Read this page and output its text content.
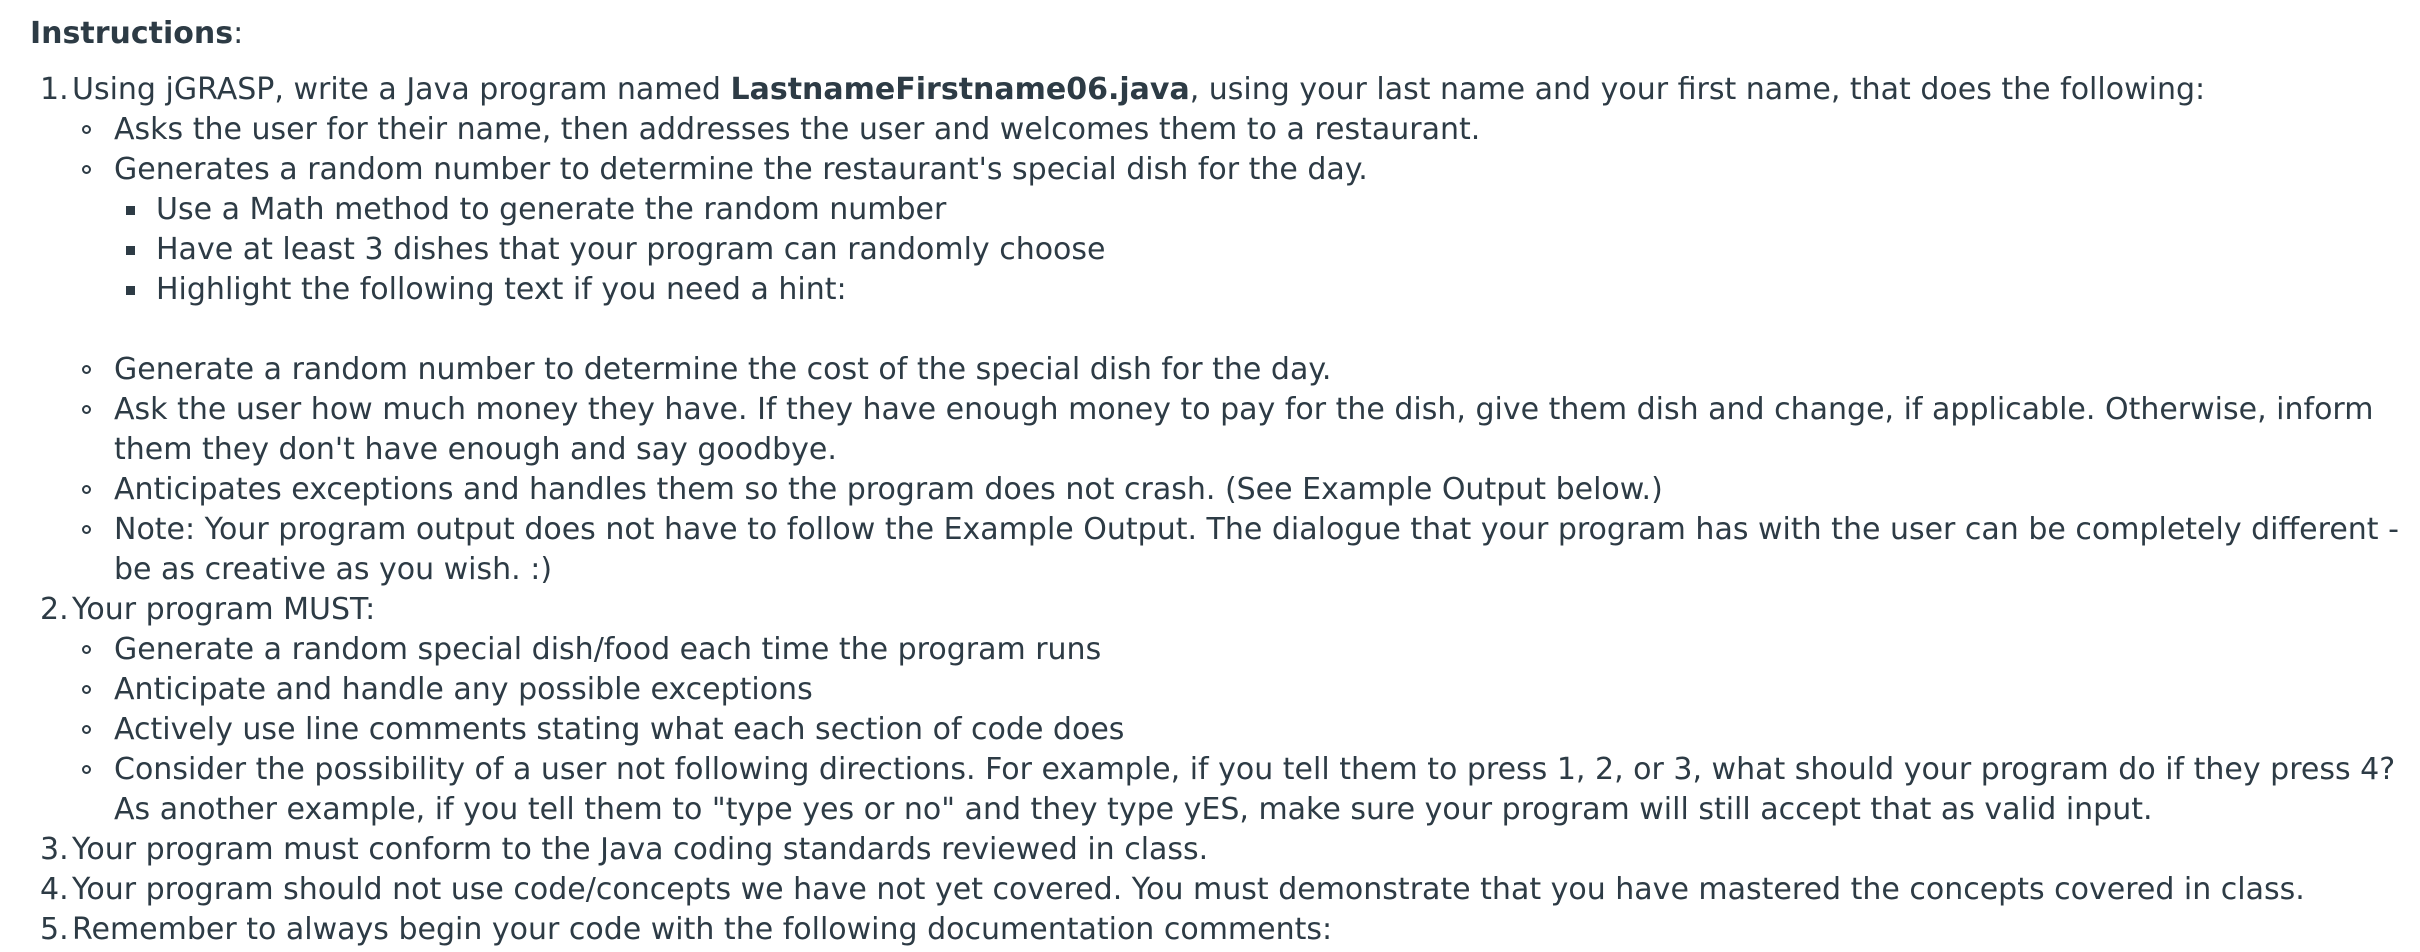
Instructions:
1. Using jGRASP, write a Java program named LastnameFirstname06.java, using your last name and your first name, that does the following:
Asks the user for their name, then addresses the user and welcomes them to a restaurant.
Generates a random number to determine the restaurant's special dish for the day.
Use a Math method to generate the random number
Have at least 3 dishes that your program can randomly choose
Highlight the following text if you need a hint:
Generate a random number to determine the cost of the special dish for the day.
Ask the user how much money they have. If they have enough money to pay for the dish, give them dish and change, if applicable. Otherwise, inform them they don't have enough and say goodbye.
Anticipates exceptions and handles them so the program does not crash. (See Example Output below.)
Note: Your program output does not have to follow the Example Output. The dialogue that your program has with the user can be completely different - be as creative as you wish. :)
2. Your program MUST:
Generate a random special dish/food each time the program runs
Anticipate and handle any possible exceptions
Actively use line comments stating what each section of code does
Consider the possibility of a user not following directions. For example, if you tell them to press 1, 2, or 3, what should your program do if they press 4? As another example, if you tell them to "type yes or no" and they type yES, make sure your program will still accept that as valid input.
3. Your program must conform to the Java coding standards reviewed in class.
4. Your program should not use code/concepts we have not yet covered. You must demonstrate that you have mastered the concepts covered in class.
5. Remember to always begin your code with the following documentation comments:
